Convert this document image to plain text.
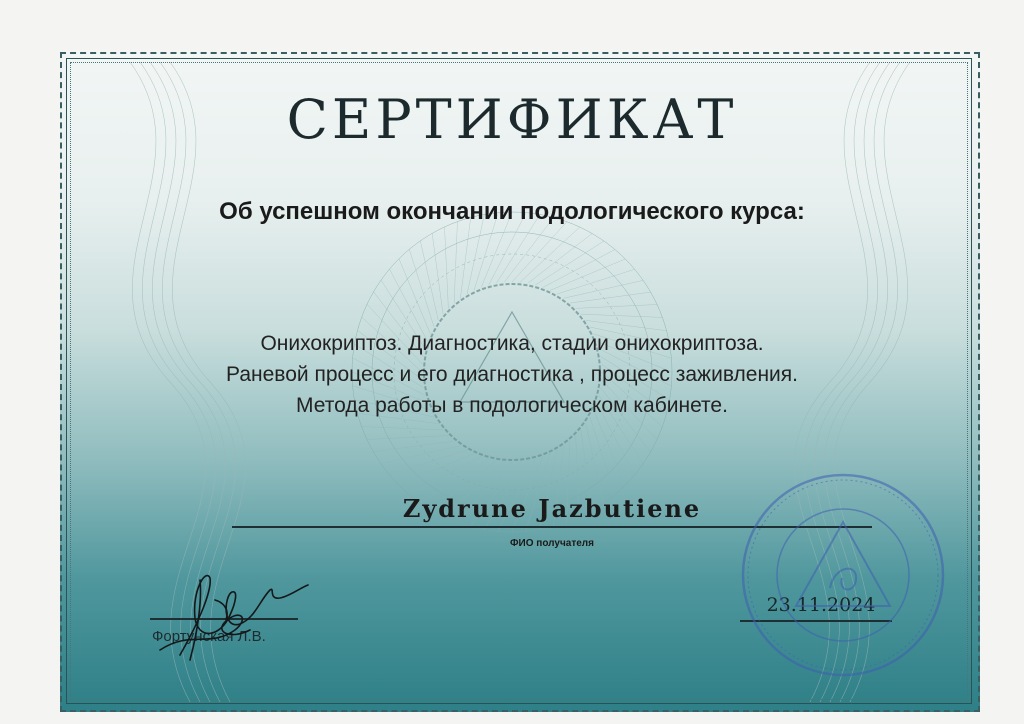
СЕРТИФИКАТ
Об успешном окончании подологического курса:
Онихокриптоз. Диагностика, стадии онихокриптоза.
Раневой процесс и его диагностика , процесс заживления.
Метода работы в подологическом кабинете.
Zydrune Jazbutiene
ФИО получателя
Фортунская Л.В.
23.11.2024
